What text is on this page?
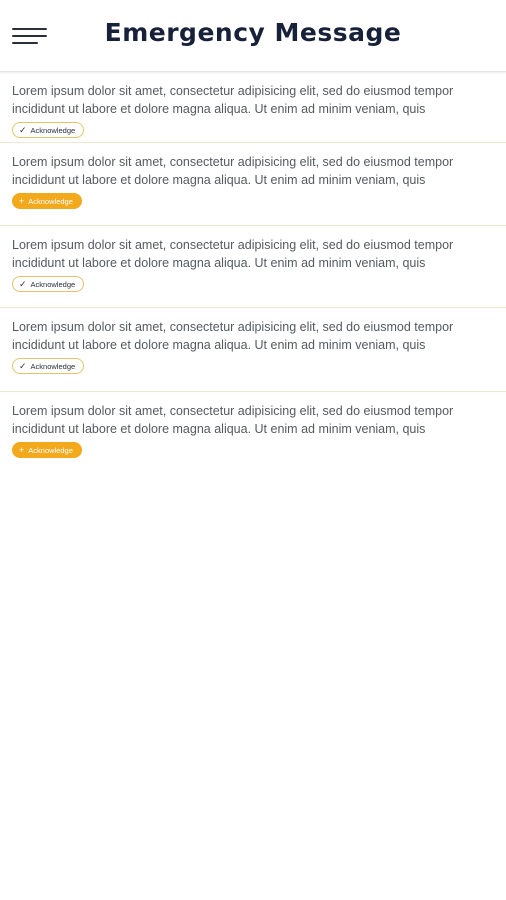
Emergency Message

Lorem ipsum dolor sit amet, consectetur adipisicing elit, sed do eiusmod tempor

incididunt ut labore et dolore magna aliqua. Ut enim ad minim veniam, quis

✓ Acknowledge

Lorem ipsum dolor sit amet, consectetur adipisicing elit, sed do eiusmod tempor

incididunt ut labore et dolore magna aliqua. Ut enim ad minim veniam, quis

+ Acknowledge

Lorem ipsum dolor sit amet, consectetur adipisicing elit, sed do eiusmod tempor

incididunt ut labore et dolore magna aliqua. Ut enim ad minim veniam, quis

✓ Acknowledge

Lorem ipsum dolor sit amet, consectetur adipisicing elit, sed do eiusmod tempor

incididunt ut labore et dolore magna aliqua. Ut enim ad minim veniam, quis

✓ Acknowledge

Lorem ipsum dolor sit amet, consectetur adipisicing elit, sed do eiusmod tempor

incididunt ut labore et dolore magna aliqua. Ut enim ad minim veniam, quis

+ Acknowledge
